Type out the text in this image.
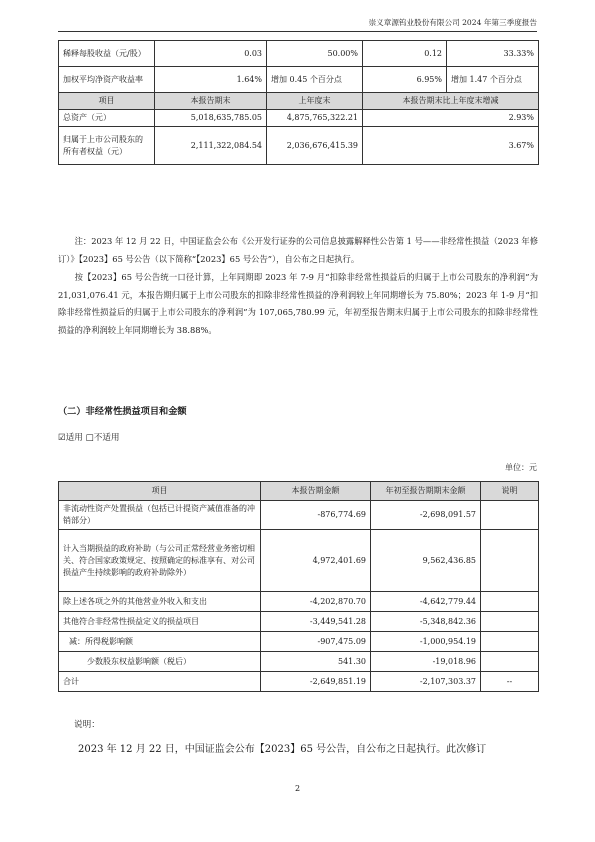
崇义章源钨业股份有限公司 2024 年第三季度报告
稀释每股收益（元/股）	0.03	50.00%	0.12	33.33%
加权平均净资产收益率	1.64%	增加 0.45 个百分点	6.95%	增加 1.47 个百分点
项目	本报告期末	上年度末	本报告期末比上年度末增减	
总资产（元）	5,018,635,785.05	4,875,765,322.21	2.93%	
归属于上市公司股东的所有者权益（元）	2,111,322,084.54	2,036,676,415.39	3.67%	

注：2023 年 12 月 22 日，中国证监会公布《公开发行证券的公司信息披露解释性公告第 1 号——非经常性损益（2023 年修订）》【2023】65 号公告（以下简称“【2023】65 号公告”），自公布之日起执行。

按【2023】65 号公告统一口径计算，上年同期即 2023 年 7-9 月“扣除非经常性损益后的归属于上市公司股东的净利润”为 21,031,076.41 元，本报告期归属于上市公司股东的扣除非经常性损益的净利润较上年同期增长为 75.80%；2023 年 1-9 月“扣除非经常性损益后的归属于上市公司股东的净利润”为 107,065,780.99 元，年初至报告期末归属于上市公司股东的扣除非经常性损益的净利润较上年同期增长为 38.88%。

（二）非经常性损益项目和金额
☑适用 □不适用
单位：元
项目	本报告期金额	年初至报告期期末金额	说明
非流动性资产处置损益（包括已计提资产减值准备的冲销部分）	-876,774.69	-2,698,091.57	
计入当期损益的政府补助（与公司正常经营业务密切相关、符合国家政策规定、按照确定的标准享有、对公司损益产生持续影响的政府补助除外）	4,972,401.69	9,562,436.85	
除上述各项之外的其他营业外收入和支出	-4,202,870.70	-4,642,779.44	
其他符合非经常性损益定义的损益项目	-3,449,541.28	-5,348,842.36	
减：所得税影响额	-907,475.09	-1,000,954.19	
少数股东权益影响额（税后）	541.30	-19,018.96	
合计	-2,649,851.19	-2,107,303.37	--
说明：

2023 年 12 月 22 日，中国证监会公布【2023】65 号公告，自公布之日起执行。此次修订

2
